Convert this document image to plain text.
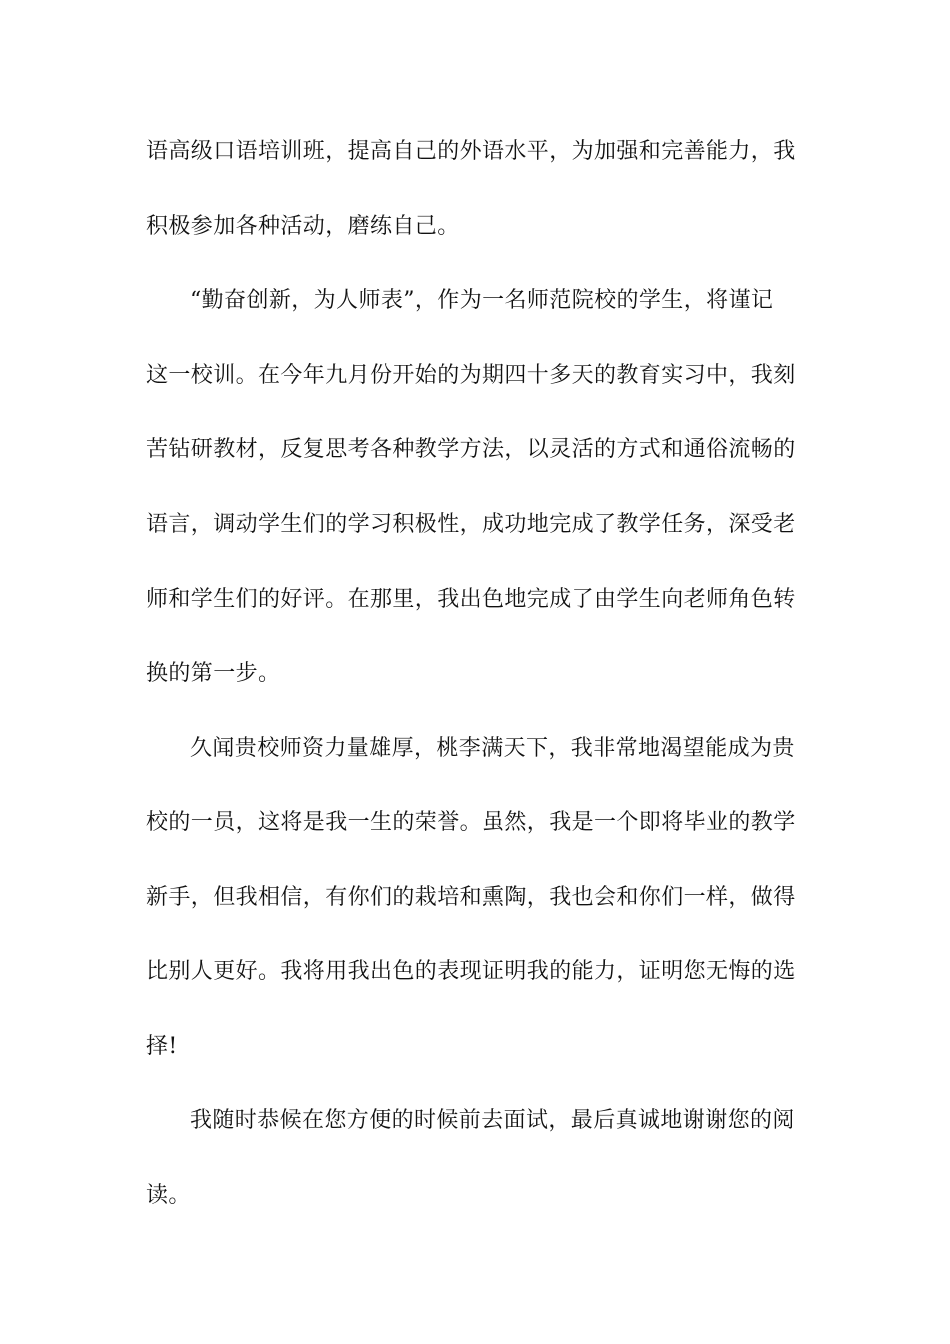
语高级口语培训班，提高自己的外语水平，为加强和完善能力，我
积极参加各种活动，磨练自己。
“勤奋创新，为人师表”，作为一名师范院校的学生，将谨记
这一校训。在今年九月份开始的为期四十多天的教育实习中，我刻
苦钻研教材，反复思考各种教学方法，以灵活的方式和通俗流畅的
语言，调动学生们的学习积极性，成功地完成了教学任务，深受老
师和学生们的好评。在那里，我出色地完成了由学生向老师角色转
换的第一步。
久闻贵校师资力量雄厚，桃李满天下，我非常地渴望能成为贵
校的一员，这将是我一生的荣誉。虽然，我是一个即将毕业的教学
新手，但我相信，有你们的栽培和熏陶，我也会和你们一样，做得
比别人更好。我将用我出色的表现证明我的能力，证明您无悔的选
择!
我随时恭候在您方便的时候前去面试，最后真诚地谢谢您的阅
读。
